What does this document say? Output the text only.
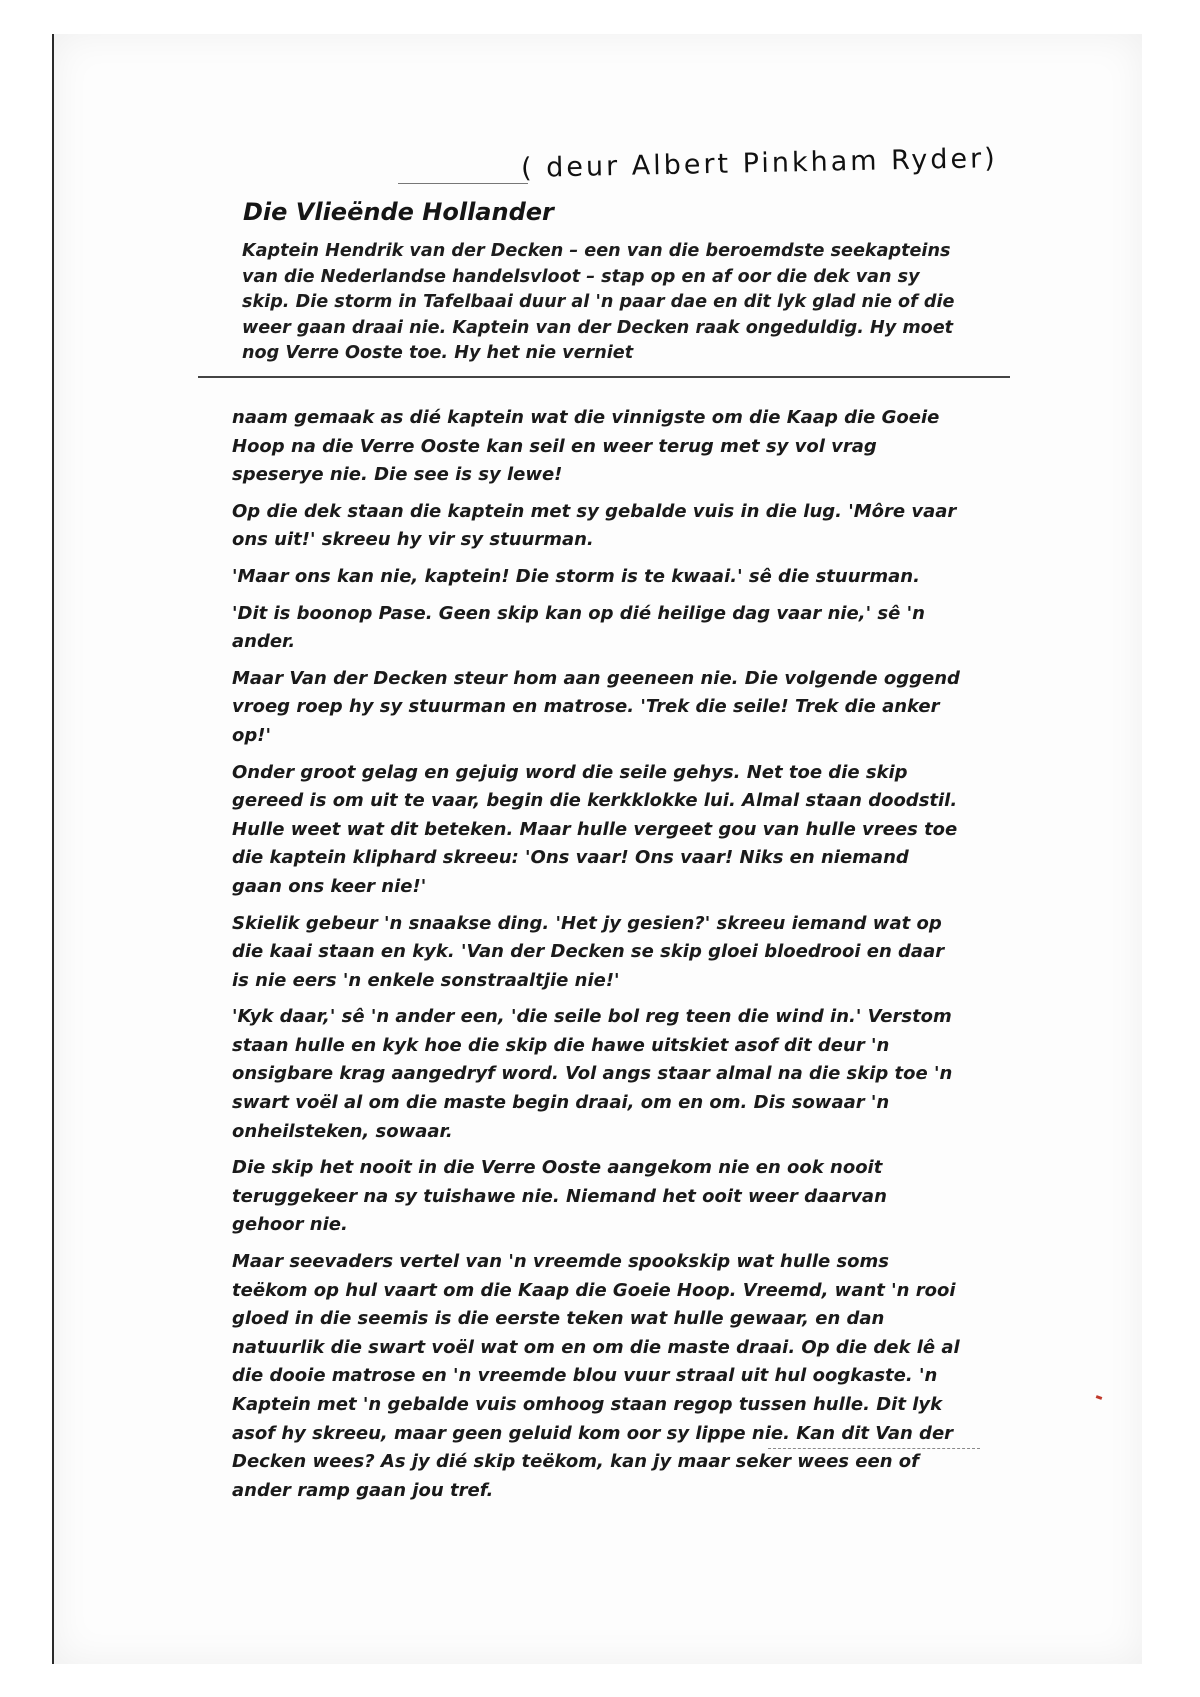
( deur Albert Pinkham Ryder)
Die Vlieënde Hollander
Kaptein Hendrik van der Decken – een van die beroemdste seekapteins van die Nederlandse handelsvloot – stap op en af oor die dek van sy skip. Die storm in Tafelbaai duur al 'n paar dae en dit lyk glad nie of die weer gaan draai nie. Kaptein van der Decken raak ongeduldig. Hy moet nog Verre Ooste toe. Hy het nie verniet

naam gemaak as dié kaptein wat die vinnigste om die Kaap die Goeie Hoop na die Verre Ooste kan seil en weer terug met sy vol vrag speserye nie. Die see is sy lewe!

Op die dek staan die kaptein met sy gebalde vuis in die lug. 'Môre vaar ons uit!' skreeu hy vir sy stuurman.

'Maar ons kan nie, kaptein! Die storm is te kwaai.' sê die stuurman.

'Dit is boonop Pase. Geen skip kan op dié heilige dag vaar nie,' sê 'n ander.

Maar Van der Decken steur hom aan geeneen nie. Die volgende oggend vroeg roep hy sy stuurman en matrose. 'Trek die seile! Trek die anker op!'

Onder groot gelag en gejuig word die seile gehys. Net toe die skip gereed is om uit te vaar, begin die kerkklokke lui. Almal staan doodstil. Hulle weet wat dit beteken. Maar hulle vergeet gou van hulle vrees toe die kaptein kliphard skreeu: 'Ons vaar! Ons vaar! Niks en niemand gaan ons keer nie!'

Skielik gebeur 'n snaakse ding. 'Het jy gesien?' skreeu iemand wat op die kaai staan en kyk. 'Van der Decken se skip gloei bloedrooi en daar is nie eers 'n enkele sonstraaltjie nie!'

'Kyk daar,' sê 'n ander een, 'die seile bol reg teen die wind in.' Verstom staan hulle en kyk hoe die skip die hawe uitskiet asof dit deur 'n onsigbare krag aangedryf word. Vol angs staar almal na die skip toe 'n swart voël al om die maste begin draai, om en om. Dis sowaar 'n onheilsteken, sowaar.

Die skip het nooit in die Verre Ooste aangekom nie en ook nooit teruggekeer na sy tuishawe nie. Niemand het ooit weer daarvan gehoor nie.

Maar seevaders vertel van 'n vreemde spookskip wat hulle soms teëkom op hul vaart om die Kaap die Goeie Hoop. Vreemd, want 'n rooi gloed in die seemis is die eerste teken wat hulle gewaar, en dan natuurlik die swart voël wat om en om die maste draai. Op die dek lê al die dooie matrose en 'n vreemde blou vuur straal uit hul oogkaste. 'n Kaptein met 'n gebalde vuis omhoog staan regop tussen hulle. Dit lyk asof hy skreeu, maar geen geluid kom oor sy lippe nie. Kan dit Van der Decken wees? As jy dié skip teëkom, kan jy maar seker wees een of ander ramp gaan jou tref.
